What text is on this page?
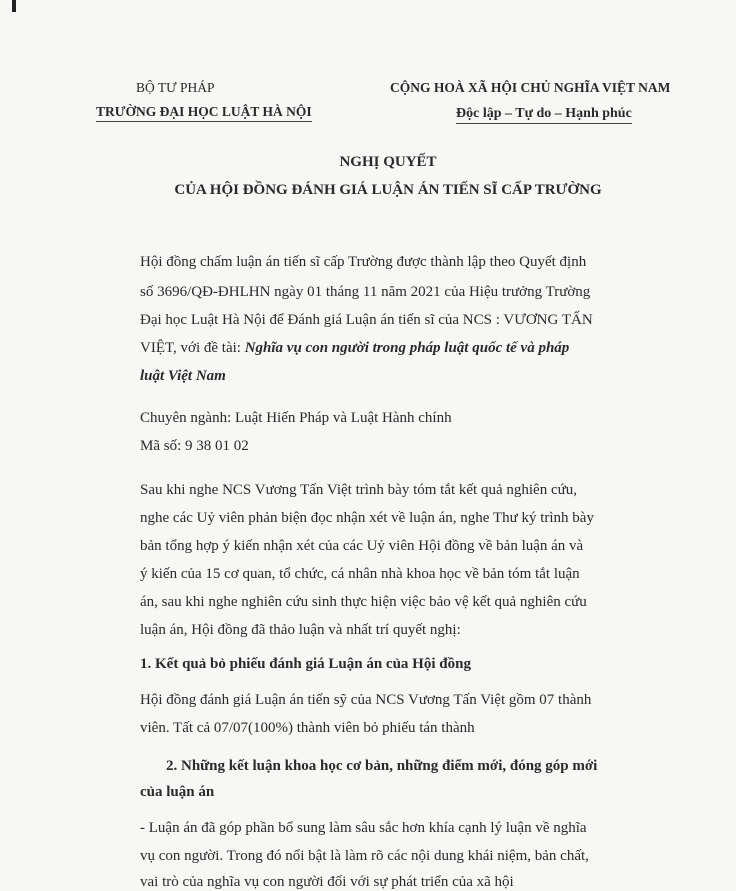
BỘ TƯ PHÁP
TRƯỜNG ĐẠI HỌC LUẬT HÀ NỘI
CỘNG HOÀ XÃ HỘI CHỦ NGHĨA VIỆT NAM
Độc lập – Tự do – Hạnh phúc
NGHỊ QUYẾT
CỦA HỘI ĐỒNG ĐÁNH GIÁ LUẬN ÁN TIẾN SĨ CẤP TRƯỜNG
Hội đồng chấm luận án tiến sĩ cấp Trường được thành lập theo Quyết định
số 3696/QĐ-ĐHLHN ngày 01 tháng 11 năm 2021 của Hiệu trưởng Trường
Đại học Luật Hà Nội để Đánh giá Luận án tiến sĩ của NCS : VƯƠNG TẤN
VIỆT, với đề tài: Nghĩa vụ con người trong pháp luật quốc tế và pháp
luật Việt Nam
Chuyên ngành: Luật Hiến Pháp và Luật Hành chính
Mã số: 9 38 01 02
Sau khi nghe NCS Vương Tấn Việt trình bày tóm tắt kết quả nghiên cứu,
nghe các Uỷ viên phản biện đọc nhận xét về luận án, nghe Thư ký trình bày
bản tổng hợp ý kiến nhận xét của các Uỷ viên Hội đồng về bản luận án và
ý kiến của 15 cơ quan, tổ chức, cá nhân nhà khoa học về bản tóm tắt luận
án, sau khi nghe nghiên cứu sinh thực hiện việc bảo vệ kết quả nghiên cứu
luận án, Hội đồng đã thảo luận và nhất trí quyết nghị:
1. Kết quả bỏ phiếu đánh giá Luận án của Hội đồng
Hội đồng đánh giá Luận án tiến sỹ của NCS Vương Tấn Việt gồm 07 thành
viên. Tất cả 07/07(100%) thành viên bỏ phiếu tán thành
2. Những kết luận khoa học cơ bản, những điểm mới, đóng góp mới
của luận án
- Luận án đã góp phần bổ sung làm sâu sắc hơn khía cạnh lý luận về nghĩa
vụ con người. Trong đó nổi bật là làm rõ các nội dung khái niệm, bản chất,
vai trò của nghĩa vụ con người đối với sự phát triển của xã hội
